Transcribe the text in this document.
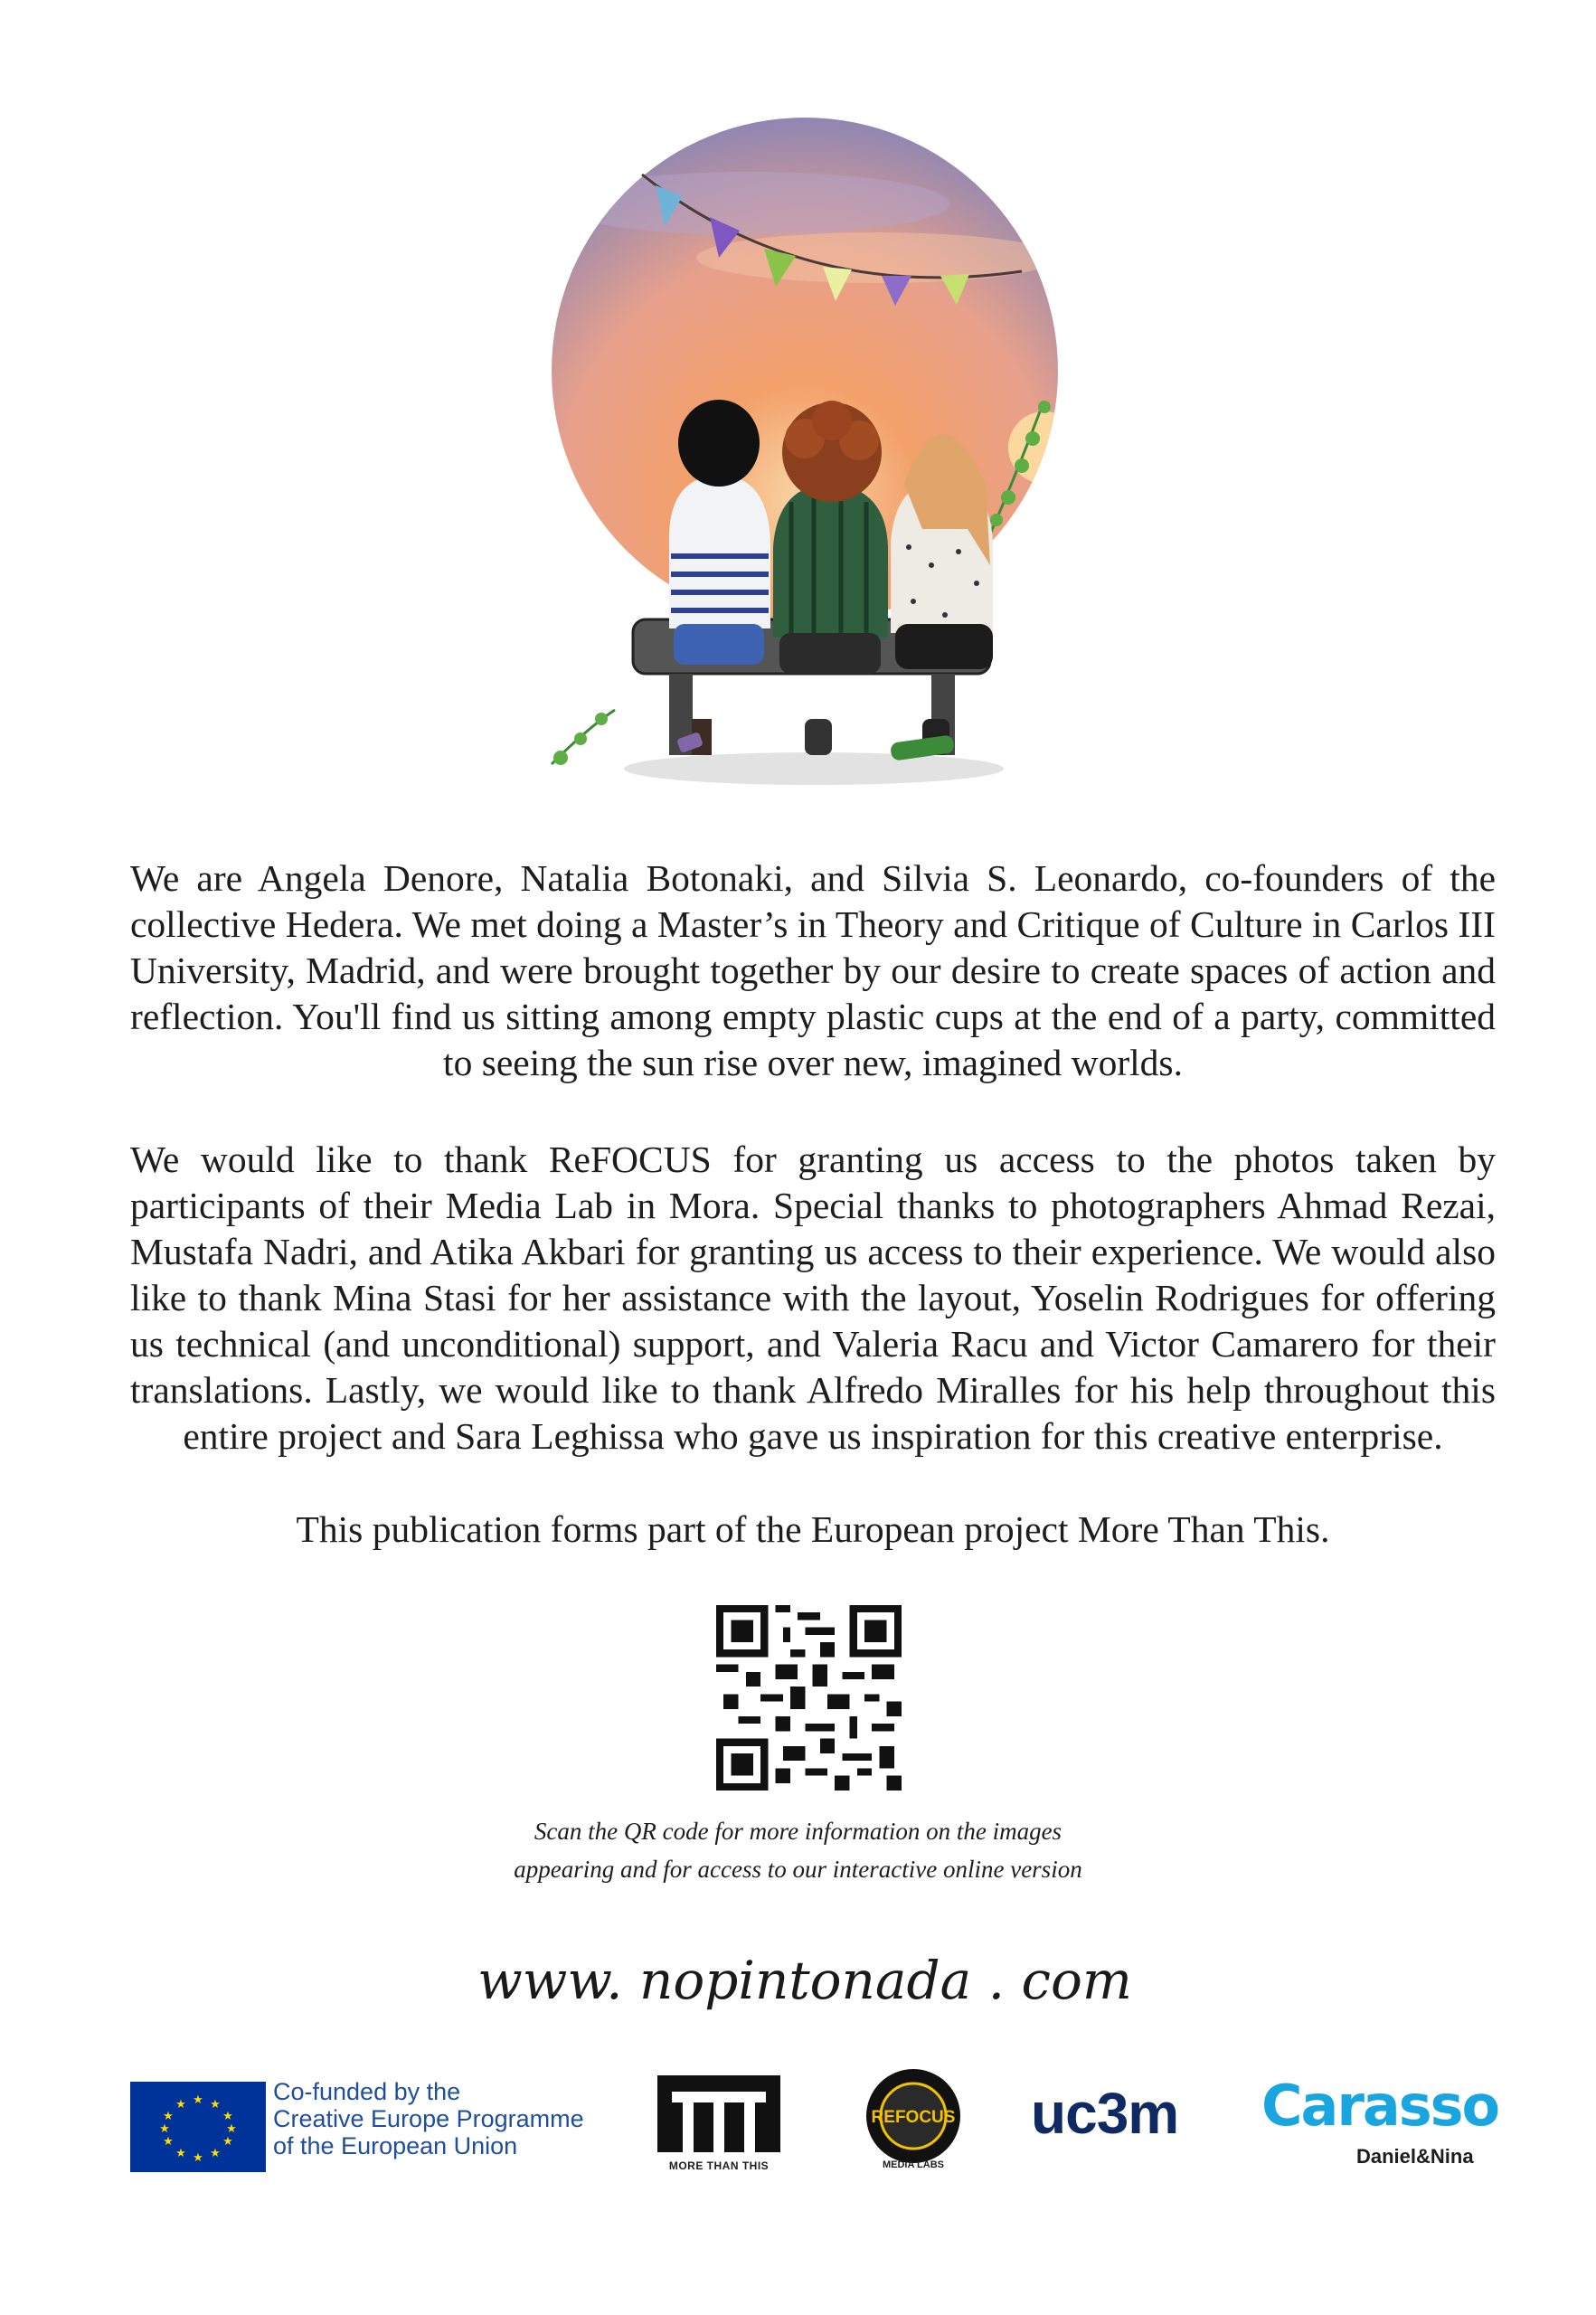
We are Angela Denore, Natalia Botonaki, and Silvia S. Leonardo, co-founders of the collective Hedera. We met doing a Master’s in Theory and Critique of Culture in Carlos III University, Madrid, and were brought together by our desire to create spaces of action and reflection. You'll find us sitting among empty plastic cups at the end of a party, committed to seeing the sun rise over new, imagined worlds.

We would like to thank ReFOCUS for granting us access to the photos taken by participants of their Media Lab in Mora. Special thanks to photographers Ahmad Rezai, Mustafa Nadri, and Atika Akbari for granting us access to their experience. We would also like to thank Mina Stasi for her assistance with the layout, Yoselin Rodrigues for offering us technical (and unconditional) support, and Valeria Racu and Victor Camarero for their translations. Lastly, we would like to thank Alfredo Miralles for his help throughout this entire project and Sara Leghissa who gave us inspiration for this creative enterprise.

This publication forms part of the European project More Than This.

Scan the QR code for more information on the images
appearing and for access to our interactive online version
www. nopintonada . com
★ ★
★
★
★
★
★
★
★
★
★
★	Co-funded by the
Creative Europe Programme
of the European Union
MORE THAN THIS
REFOCUS
MEDIA LABS
uc3m Carasso
Daniel&Nina
